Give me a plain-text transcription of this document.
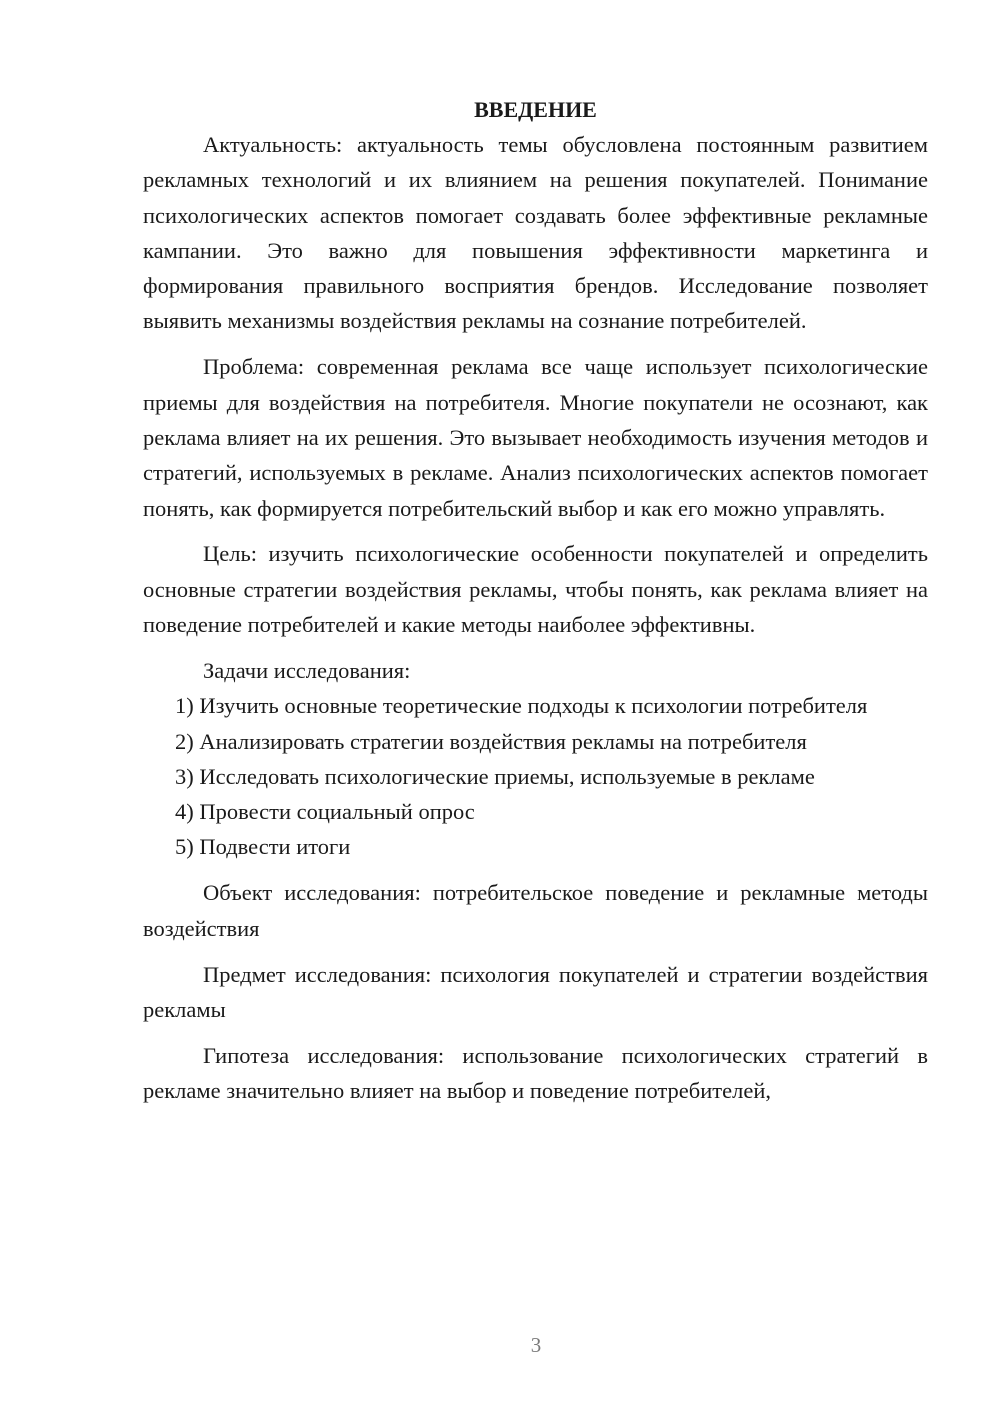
ВВЕДЕНИЕ

Актуальность: актуальность темы обусловлена постоянным развитием рекламных технологий и их влиянием на решения покупателей. Понимание психологических аспектов помогает создавать более эффективные рекламные кампании. Это важно для повышения эффективности маркетинга и формирования правильного восприятия брендов. Исследование позволяет выявить механизмы воздействия рекламы на сознание потребителей.

Проблема: современная реклама все чаще использует психологические приемы для воздействия на потребителя. Многие покупатели не осознают, как реклама влияет на их решения. Это вызывает необходимость изучения методов и стратегий, используемых в рекламе. Анализ психологических аспектов помогает понять, как формируется потребительский выбор и как его можно управлять.

Цель: изучить психологические особенности покупателей и определить основные стратегии воздействия рекламы, чтобы понять, как реклама влияет на поведение потребителей и какие методы наиболее эффективны.

Задачи исследования:

1) Изучить основные теоретические подходы к психологии потребителя

2) Анализировать стратегии воздействия рекламы на потребителя

3) Исследовать психологические приемы, используемые в рекламе

4) Провести социальный опрос

5) Подвести итоги

Объект исследования: потребительское поведение и рекламные методы воздействия

Предмет исследования: психология покупателей и стратегии воздействия рекламы

Гипотеза исследования: использование психологических стратегий в рекламе значительно влияет на выбор и поведение потребителей,

3
